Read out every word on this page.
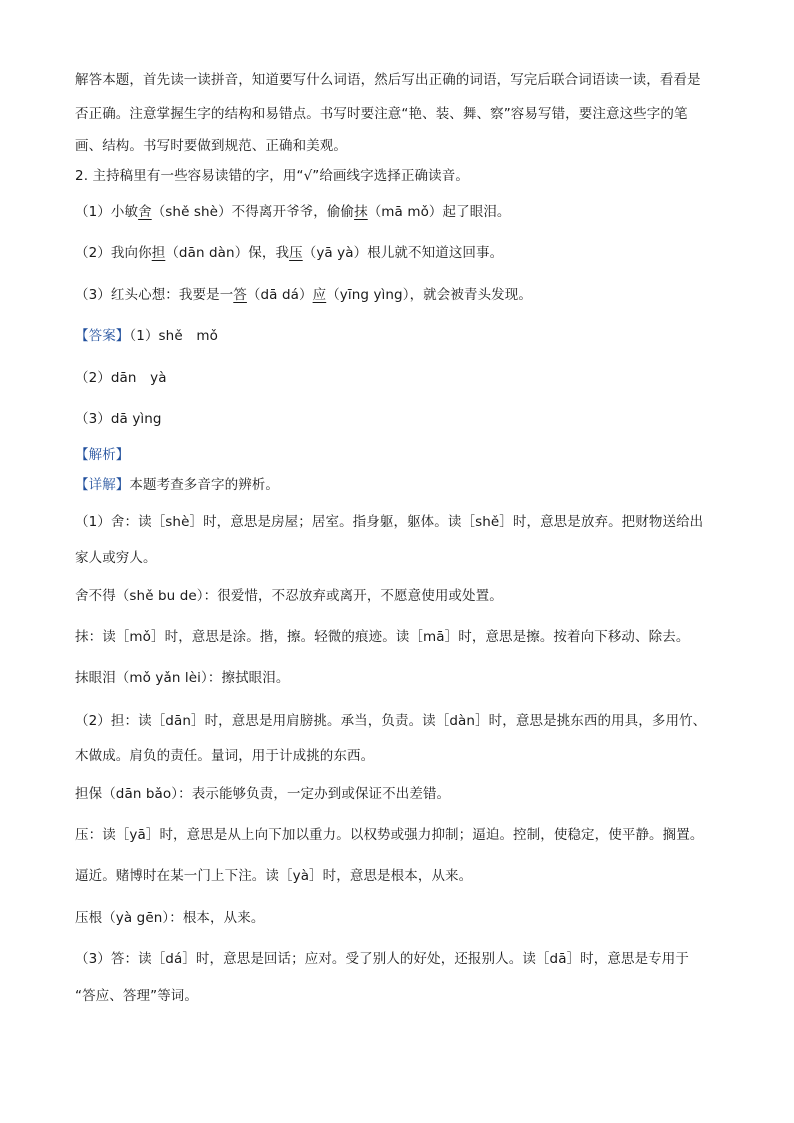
解答本题，首先读一读拼音，知道要写什么词语，然后写出正确的词语，写完后联合词语读一读，看看是
否正确。注意掌握生字的结构和易错点。书写时要注意“艳、装、舞、察”容易写错，要注意这些字的笔
画、结构。书写时要做到规范、正确和美观。
2. 主持稿里有一些容易读错的字，用“√”给画线字选择正确读音。
（1）小敏舍（shě shè）不得离开爷爷，偷偷抹（mā mǒ）起了眼泪。
（2）我向你担（dān dàn）保，我压（yā yà）根儿就不知道这回事。
（3）红头心想：我要是一答（dā dá）应（yīng yìng），就会被青头发现。
【答案】（1）shě　mǒ
（2）dān　yà
（3）dā yìng
【解析】
【详解】本题考查多音字的辨析。
（1）舍：读［shè］时，意思是房屋；居室。指身躯，躯体。读［shě］时，意思是放弃。把财物送给出
家人或穷人。
舍不得（shě bu de）：很爱惜，不忍放弃或离开，不愿意使用或处置。
抹：读［mǒ］时，意思是涂。揩，擦。轻微的痕迹。读［mā］时，意思是擦。按着向下移动、除去。
抹眼泪（mǒ yǎn lèi）：擦拭眼泪。
（2）担：读［dān］时，意思是用肩膀挑。承当，负责。读［dàn］时，意思是挑东西的用具，多用竹、
木做成。肩负的责任。量词，用于计成挑的东西。
担保（dān bǎo）：表示能够负责，一定办到或保证不出差错。
压：读［yā］时，意思是从上向下加以重力。以权势或强力抑制；逼迫。控制，使稳定，使平静。搁置。
逼近。赌博时在某一门上下注。读［yà］时，意思是根本，从来。
压根（yà gēn）：根本，从来。
（3）答：读［dá］时，意思是回话；应对。受了别人的好处，还报别人。读［dā］时，意思是专用于
“答应、答理”等词。
